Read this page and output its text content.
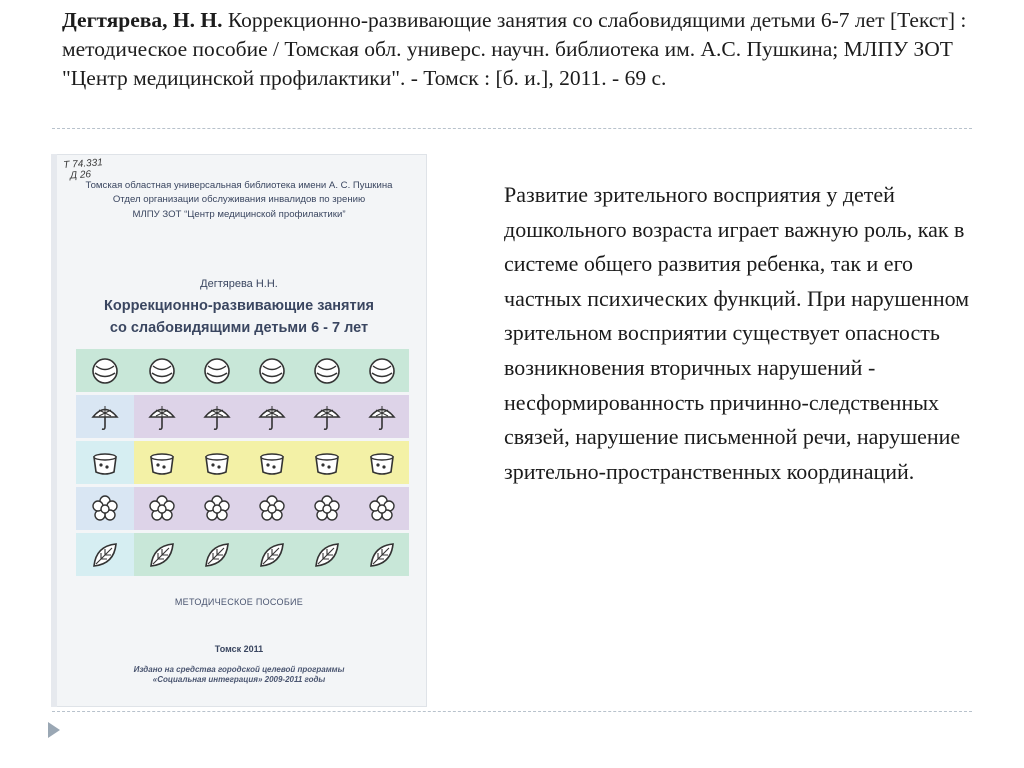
Дегтярева, Н. Н. Коррекционно-развивающие занятия со слабовидящими детьми 6-7 лет [Текст] : методическое пособие / Томская обл. универс. научн. библиотека им. А.С. Пушкина; МЛПУ ЗОТ "Центр медицинской профилактики". - Томск : [б. и.], 2011. - 69 с.

Т 74.331
Д 26
Томская областная универсальная библиотека имени А. С. Пушкина
Отдел организации обслуживания инвалидов по зрению
МЛПУ ЗОТ “Центр медицинской профилактики”
Дегтярева Н.Н.
Коррекционно-развивающие занятия
со слабовидящими детьми 6 - 7 лет
МЕТОДИЧЕСКОЕ ПОСОБИЕ
Томск 2011
Издано на средства городской целевой программы
«Социальная интеграция» 2009-2011 годы

Развитие зрительного восприятия у детей дошкольного возраста играет важную роль, как в системе общего развития ребенка, так и его частных психических функций. При нарушенном зрительном восприятии существует опасность возникновения вторичных нарушений - несформированность причинно-следственных связей, нарушение письменной речи, нарушение зрительно-пространственных координаций.
